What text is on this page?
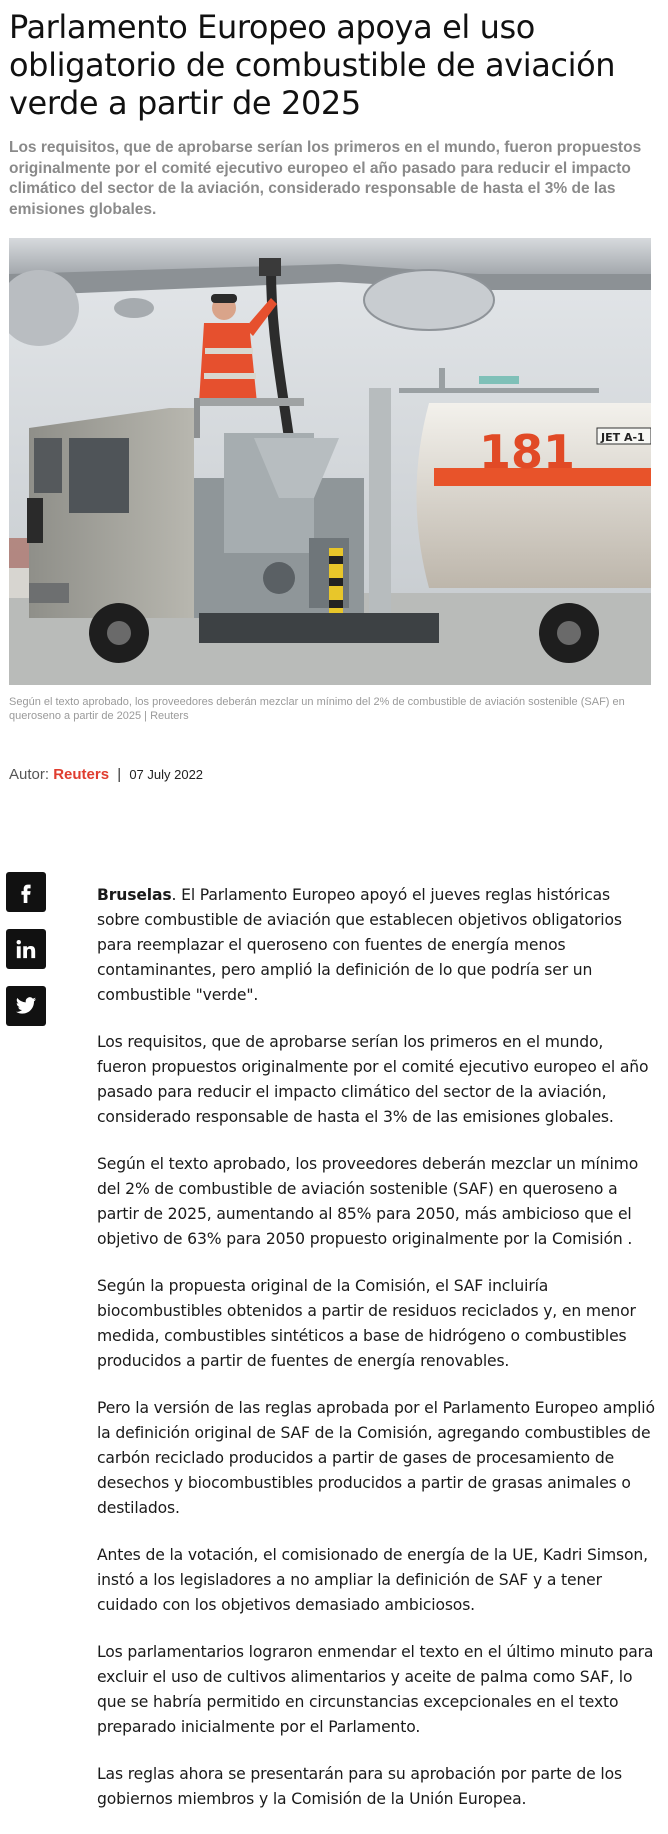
Parlamento Europeo apoya el uso obligatorio de combustible de aviación verde a partir de 2025

Los requisitos, que de aprobarse serían los primeros en el mundo, fueron propuestos originalmente por el comité ejecutivo europeo el año pasado para reducir el impacto climático del sector de la aviación, considerado responsable de hasta el 3% de las emisiones globales.

181 JET A-1
Según el texto aprobado, los proveedores deberán mezclar un mínimo del 2% de combustible de aviación sostenible (SAF) en queroseno a partir de 2025 | Reuters
Autor: Reuters | 07 July 2022

Bruselas. El Parlamento Europeo apoyó el jueves reglas históricas sobre combustible de aviación que establecen objetivos obligatorios para reemplazar el queroseno con fuentes de energía menos contaminantes, pero amplió la definición de lo que podría ser un combustible "verde".

Los requisitos, que de aprobarse serían los primeros en el mundo, fueron propuestos originalmente por el comité ejecutivo europeo el año pasado para reducir el impacto climático del sector de la aviación, considerado responsable de hasta el 3% de las emisiones globales.

Según el texto aprobado, los proveedores deberán mezclar un mínimo del 2% de combustible de aviación sostenible (SAF) en queroseno a partir de 2025, aumentando al 85% para 2050, más ambicioso que el objetivo de 63% para 2050 propuesto originalmente por la Comisión .

Según la propuesta original de la Comisión, el SAF incluiría biocombustibles obtenidos a partir de residuos reciclados y, en menor medida, combustibles sintéticos a base de hidrógeno o combustibles producidos a partir de fuentes de energía renovables.

Pero la versión de las reglas aprobada por el Parlamento Europeo amplió la definición original de SAF de la Comisión, agregando combustibles de carbón reciclado producidos a partir de gases de procesamiento de desechos y biocombustibles producidos a partir de grasas animales o destilados.

Antes de la votación, el comisionado de energía de la UE, Kadri Simson, instó a los legisladores a no ampliar la definición de SAF y a tener cuidado con los objetivos demasiado ambiciosos.

Los parlamentarios lograron enmendar el texto en el último minuto para excluir el uso de cultivos alimentarios y aceite de palma como SAF, lo que se habría permitido en circunstancias excepcionales en el texto preparado inicialmente por el Parlamento.

Las reglas ahora se presentarán para su aprobación por parte de los gobiernos miembros y la Comisión de la Unión Europea.
